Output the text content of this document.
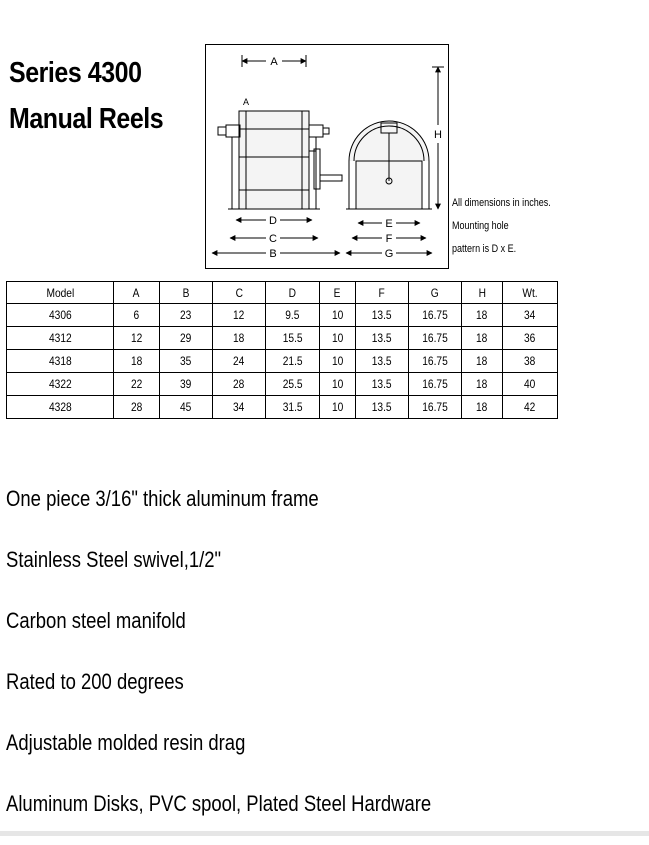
Series 4300
Manual Reels
A
A
D
C
B
E
F
G
H
All dimensions in inches.
Mounting hole
pattern is D x E.
Model	A	B	C	D	E	F	G	H	Wt.
4306	6	23	12	9.5	10	13.5	16.75	18	34
4312	12	29	18	15.5	10	13.5	16.75	18	36
4318	18	35	24	21.5	10	13.5	16.75	18	38
4322	22	39	28	25.5	10	13.5	16.75	18	40
4328	28	45	34	31.5	10	13.5	16.75	18	42
One piece 3/16" thick aluminum frame
Stainless Steel swivel,1/2"
Carbon steel manifold
Rated to 200 degrees
Adjustable molded resin drag
Aluminum Disks, PVC spool, Plated Steel Hardware
